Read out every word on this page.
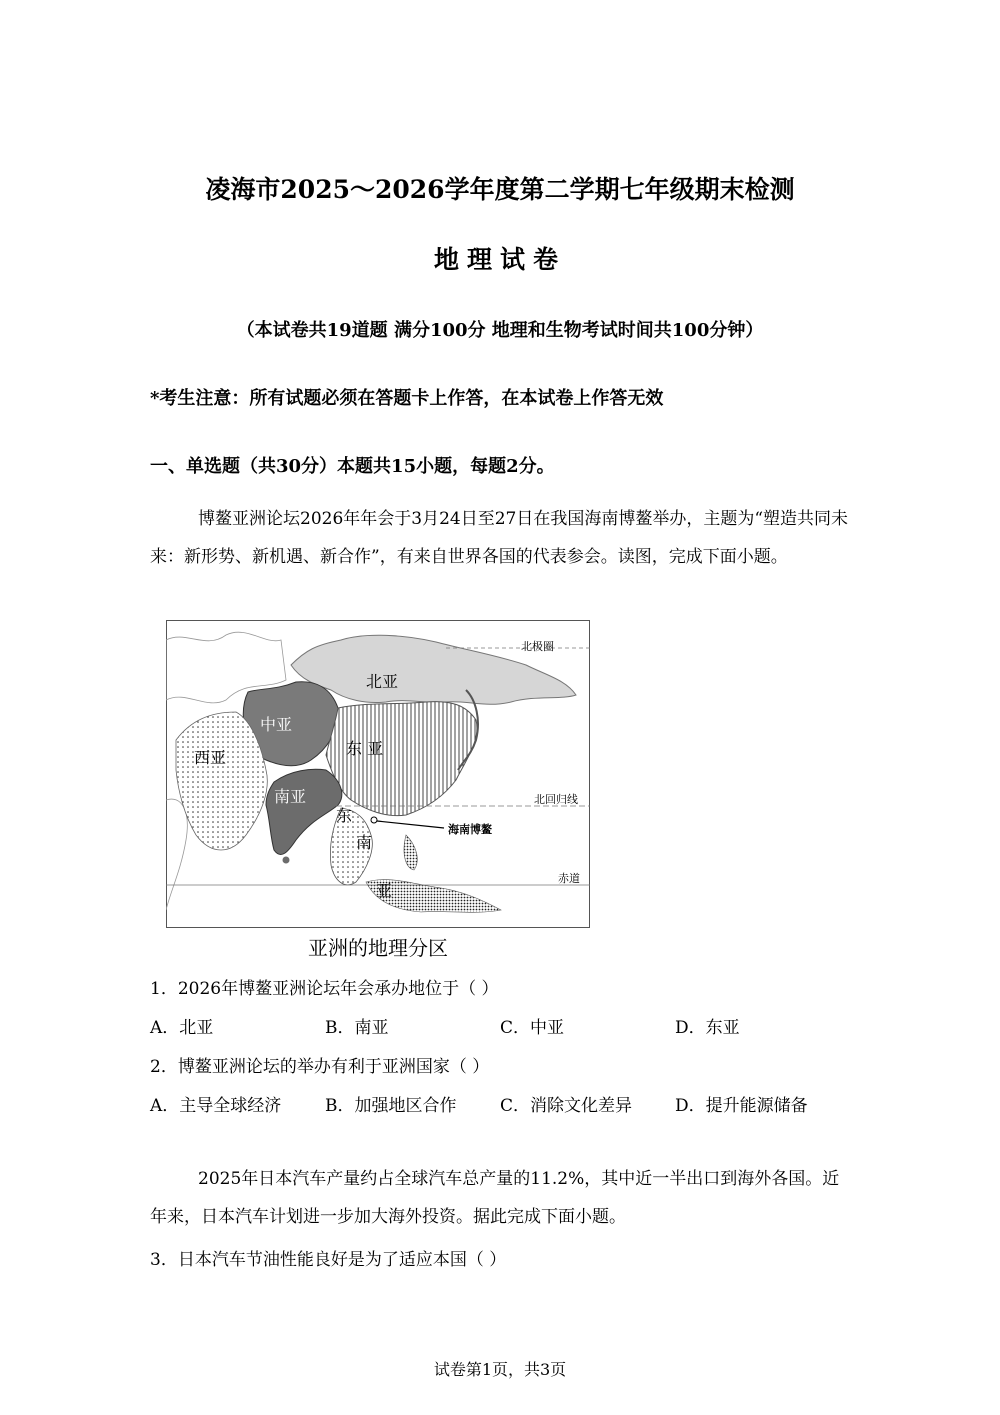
凌海市2025～2026学年度第二学期七年级期末检测
地理试卷
（本试卷共19道题 满分100分 地理和生物考试时间共100分钟）
*考生注意：所有试题必须在答题卡上作答，在本试卷上作答无效
一、单选题（共30分）本题共15小题，每题2分。
博鳌亚洲论坛2026年年会于3月24日至27日在我国海南博鳌举办，主题为“塑造共同未来：新形势、新机遇、新合作”，有来自世界各国的代表参会。读图，完成下面小题。
北亚
中亚
西亚	东 亚
南亚
东
南
亚
北极圈
北回归线
赤道
海南博鳌
亚洲的地理分区
1．2026年博鳌亚洲论坛年会承办地位于（ ）
A．北亚	B．南亚	C．中亚	D．东亚
2．博鳌亚洲论坛的举办有利于亚洲国家（ ）
A．主导全球经济	B．加强地区合作	C．消除文化差异	D．提升能源储备
2025年日本汽车产量约占全球汽车总产量的11.2%，其中近一半出口到海外各国。近年来，日本汽车计划进一步加大海外投资。据此完成下面小题。
3．日本汽车节油性能良好是为了适应本国（ ）
试卷第1页，共3页
